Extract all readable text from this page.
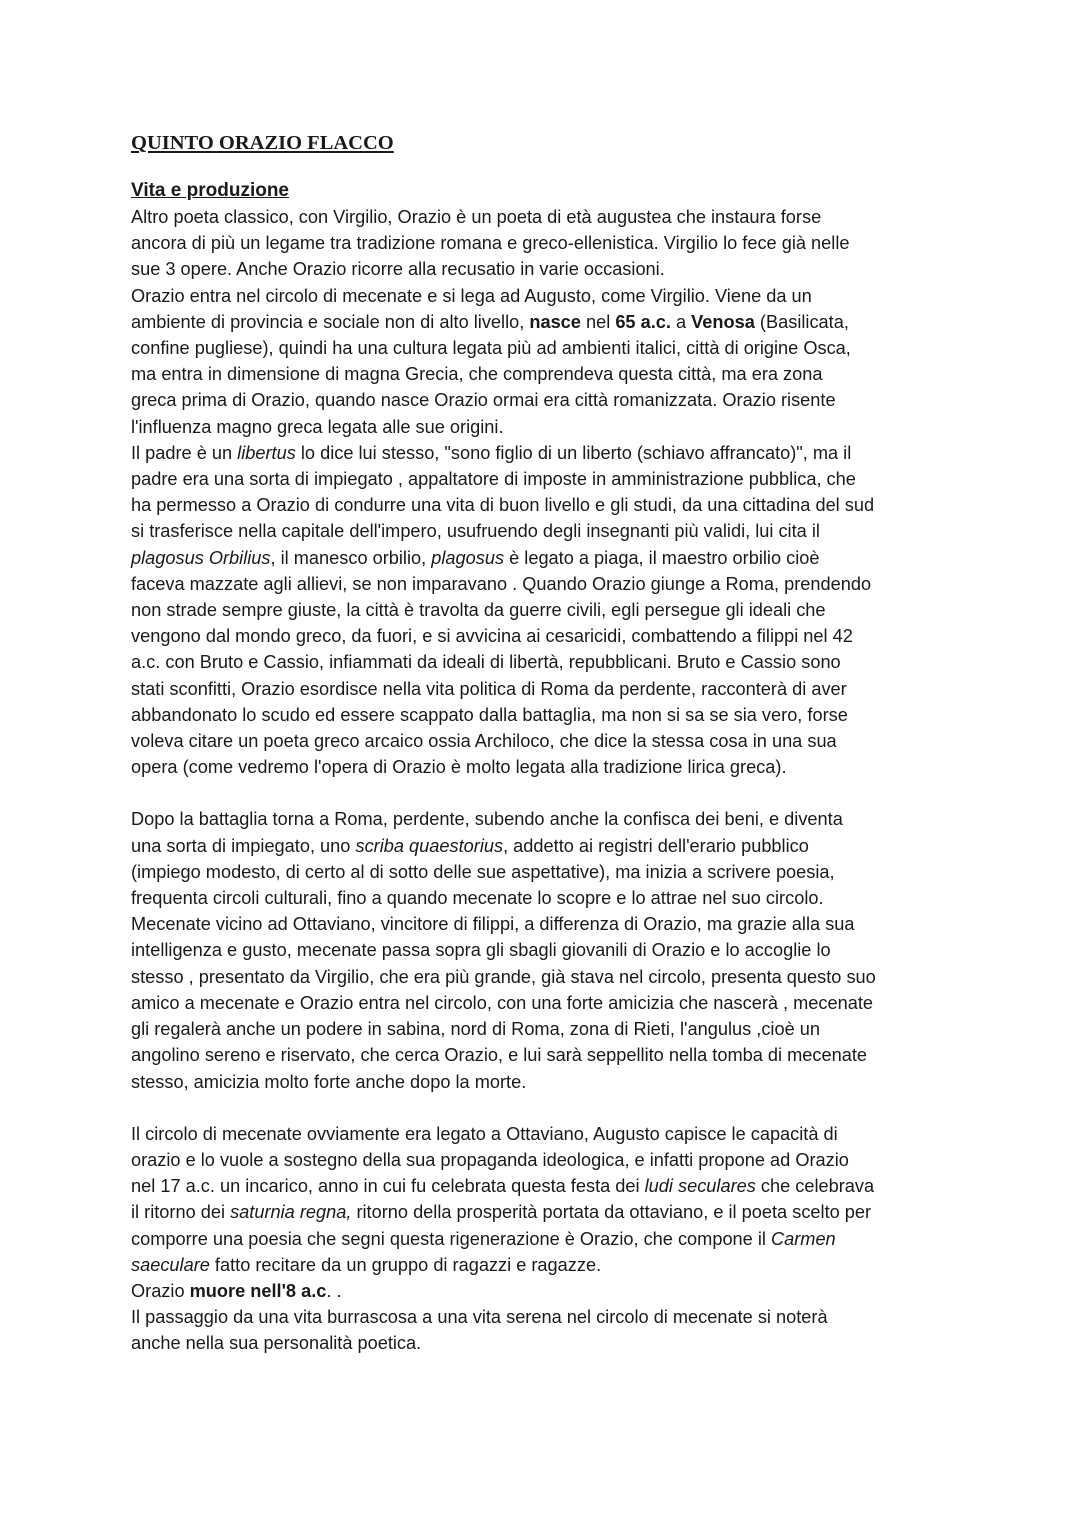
QUINTO ORAZIO FLACCO
Vita e produzione

Altro poeta classico, con Virgilio, Orazio è un poeta di età augustea che instaura forse
ancora di più un legame tra tradizione romana e greco-ellenistica. Virgilio lo fece già nelle
sue 3 opere. Anche Orazio ricorre alla recusatio in varie occasioni.

Orazio entra nel circolo di mecenate e si lega ad Augusto, come Virgilio. Viene da un
ambiente di provincia e sociale non di alto livello, nasce nel 65 a.c. a Venosa (Basilicata,
confine pugliese), quindi ha una cultura legata più ad ambienti italici, città di origine Osca,
ma entra in dimensione di magna Grecia, che comprendeva questa città, ma era zona
greca prima di Orazio, quando nasce Orazio ormai era città romanizzata. Orazio risente
l'influenza magno greca legata alle sue origini.

Il padre è un libertus lo dice lui stesso, "sono figlio di un liberto (schiavo affrancato)", ma il
padre era una sorta di impiegato , appaltatore di imposte in amministrazione pubblica, che
ha permesso a Orazio di condurre una vita di buon livello e gli studi, da una cittadina del sud
si trasferisce nella capitale dell'impero, usufruendo degli insegnanti più validi, lui cita il
plagosus Orbilius, il manesco orbilio, plagosus è legato a piaga, il maestro orbilio cioè
faceva mazzate agli allievi, se non imparavano . Quando Orazio giunge a Roma, prendendo
non strade sempre giuste, la città è travolta da guerre civili, egli persegue gli ideali che
vengono dal mondo greco, da fuori, e si avvicina ai cesaricidi, combattendo a filippi nel 42
a.c. con Bruto e Cassio, infiammati da ideali di libertà, repubblicani. Bruto e Cassio sono
stati sconfitti, Orazio esordisce nella vita politica di Roma da perdente, racconterà di aver
abbandonato lo scudo ed essere scappato dalla battaglia, ma non si sa se sia vero, forse
voleva citare un poeta greco arcaico ossia Archiloco, che dice la stessa cosa in una sua
opera (come vedremo l'opera di Orazio è molto legata alla tradizione lirica greca).

Dopo la battaglia torna a Roma, perdente, subendo anche la confisca dei beni, e diventa
una sorta di impiegato, uno scriba quaestorius, addetto ai registri dell'erario pubblico
(impiego modesto, di certo al di sotto delle sue aspettative), ma inizia a scrivere poesia,
frequenta circoli culturali, fino a quando mecenate lo scopre e lo attrae nel suo circolo.
Mecenate vicino ad Ottaviano, vincitore di filippi, a differenza di Orazio, ma grazie alla sua
intelligenza e gusto, mecenate passa sopra gli sbagli giovanili di Orazio e lo accoglie lo
stesso , presentato da Virgilio, che era più grande, già stava nel circolo, presenta questo suo
amico a mecenate e Orazio entra nel circolo, con una forte amicizia che nascerà , mecenate
gli regalerà anche un podere in sabina, nord di Roma, zona di Rieti, l'angulus ,cioè un
angolino sereno e riservato, che cerca Orazio, e lui sarà seppellito nella tomba di mecenate
stesso, amicizia molto forte anche dopo la morte.

Il circolo di mecenate ovviamente era legato a Ottaviano, Augusto capisce le capacità di
orazio e lo vuole a sostegno della sua propaganda ideologica, e infatti propone ad Orazio
nel 17 a.c. un incarico, anno in cui fu celebrata questa festa dei ludi seculares che celebrava
il ritorno dei saturnia regna, ritorno della prosperità portata da ottaviano, e il poeta scelto per
comporre una poesia che segni questa rigenerazione è Orazio, che compone il Carmen
saeculare fatto recitare da un gruppo di ragazzi e ragazze.

Orazio muore nell'8 a.c. .

Il passaggio da una vita burrascosa a una vita serena nel circolo di mecenate si noterà
anche nella sua personalità poetica.
